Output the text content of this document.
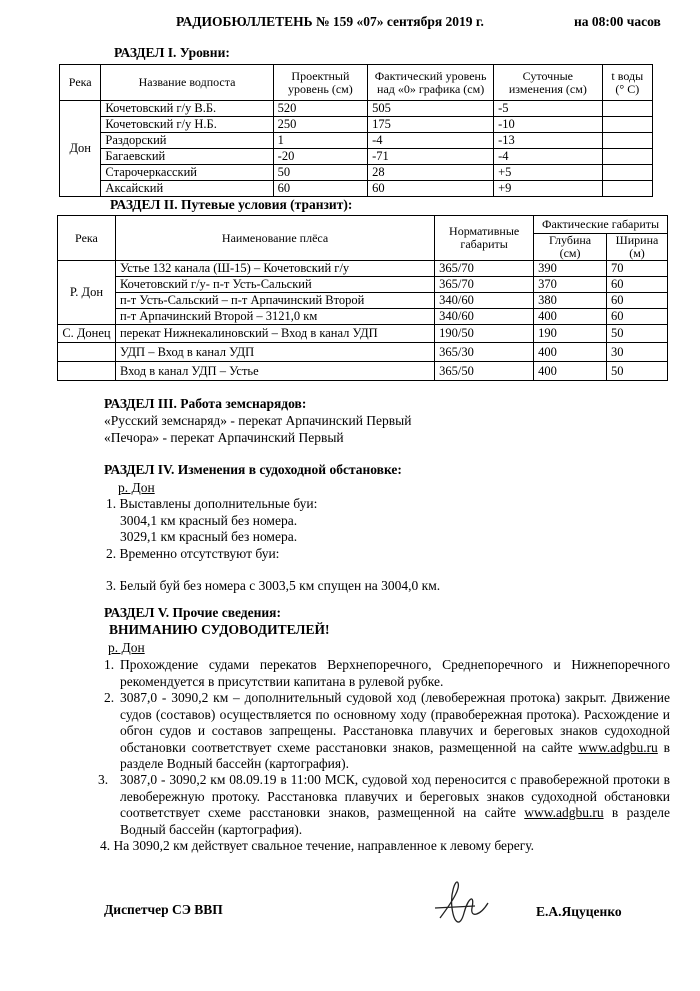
РАДИОБЮЛЛЕТЕНЬ № 159 «07» сентября 2019 г.	на 08:00 часов
РАЗДЕЛ I. Уровни:
Река	Название водпоста	Проектный уровень (см)	Фактический уровень над «0» графика (см)	Суточные изменения (см)	t воды (° С)
Дон	Кочетовский г/у В.Б.	520	505	-5	
	Кочетовский г/у Н.Б.	250	175	-10	
	Раздорский	1	-4	-13	
	Багаевский	-20	-71	-4	
	Старочеркасский	50	28	+5	
	Аксайский	60	60	+9	
РАЗДЕЛ II. Путевые условия (транзит):
Река	Наименование плёса	Нормативные габариты	Фактические габариты	
			Глубина (см)	Ширина (м)
Р. Дон	Устье 132 канала (Ш-15) – Кочетовский г/у	365/70	390	70
	Кочетовский г/у- п-т Усть-Сальский	365/70	370	60
	п-т Усть-Сальский – п-т Арпачинский Второй	340/60	380	60
	п-т Арпачинский Второй – 3121,0 км	340/60	400	60
С. Донец	перекат Нижнекалиновский – Вход в канал УДП	190/50	190	50
	УДП – Вход в канал УДП	365/30	400	30
	Вход в канал УДП – Устье	365/50	400	50
РАЗДЕЛ III. Работа земснарядов:
«Русский земснаряд» - перекат Арпачинский Первый
«Печора» - перекат Арпачинский Первый
РАЗДЕЛ IV. Изменения в судоходной обстановке:
р. Дон
1. Выставлены дополнительные буи:
3004,1 км красный без номера.
3029,1 км красный без номера.
2. Временно отсутствуют буи:
3. Белый буй без номера с 3003,5 км спущен на 3004,0 км.
РАЗДЕЛ V. Прочие сведения:
ВНИМАНИЮ СУДОВОДИТЕЛЕЙ!
р. Дон
1. Прохождение судами перекатов Верхнепоречного, Среднепоречного и Нижнепоречного рекомендуется в присутствии капитана в рулевой рубке.
2. 3087,0 - 3090,2 км – дополнительный судовой ход (левобережная протока) закрыт. Движение судов (составов) осуществляется по основному ходу (правобережная протока). Расхождение и обгон судов и составов запрещены. Расстановка плавучих и береговых знаков судоходной обстановки соответствует схеме расстановки знаков, размещенной на сайте www.adgbu.ru в разделе Водный бассейн (картография).
3. 3087,0 - 3090,2 км 08.09.19 в 11:00 МСК, судовой ход переносится с правобережной протоки в левобережную протоку. Расстановка плавучих и береговых знаков судоходной обстановки соответствует схеме расстановки знаков, размещенной на сайте www.adgbu.ru в разделе Водный бассейн (картография).
4. На 3090,2 км действует свальное течение, направленное к левому берегу.
Диспетчер СЭ ВВП	Е.А.Яцуценко
